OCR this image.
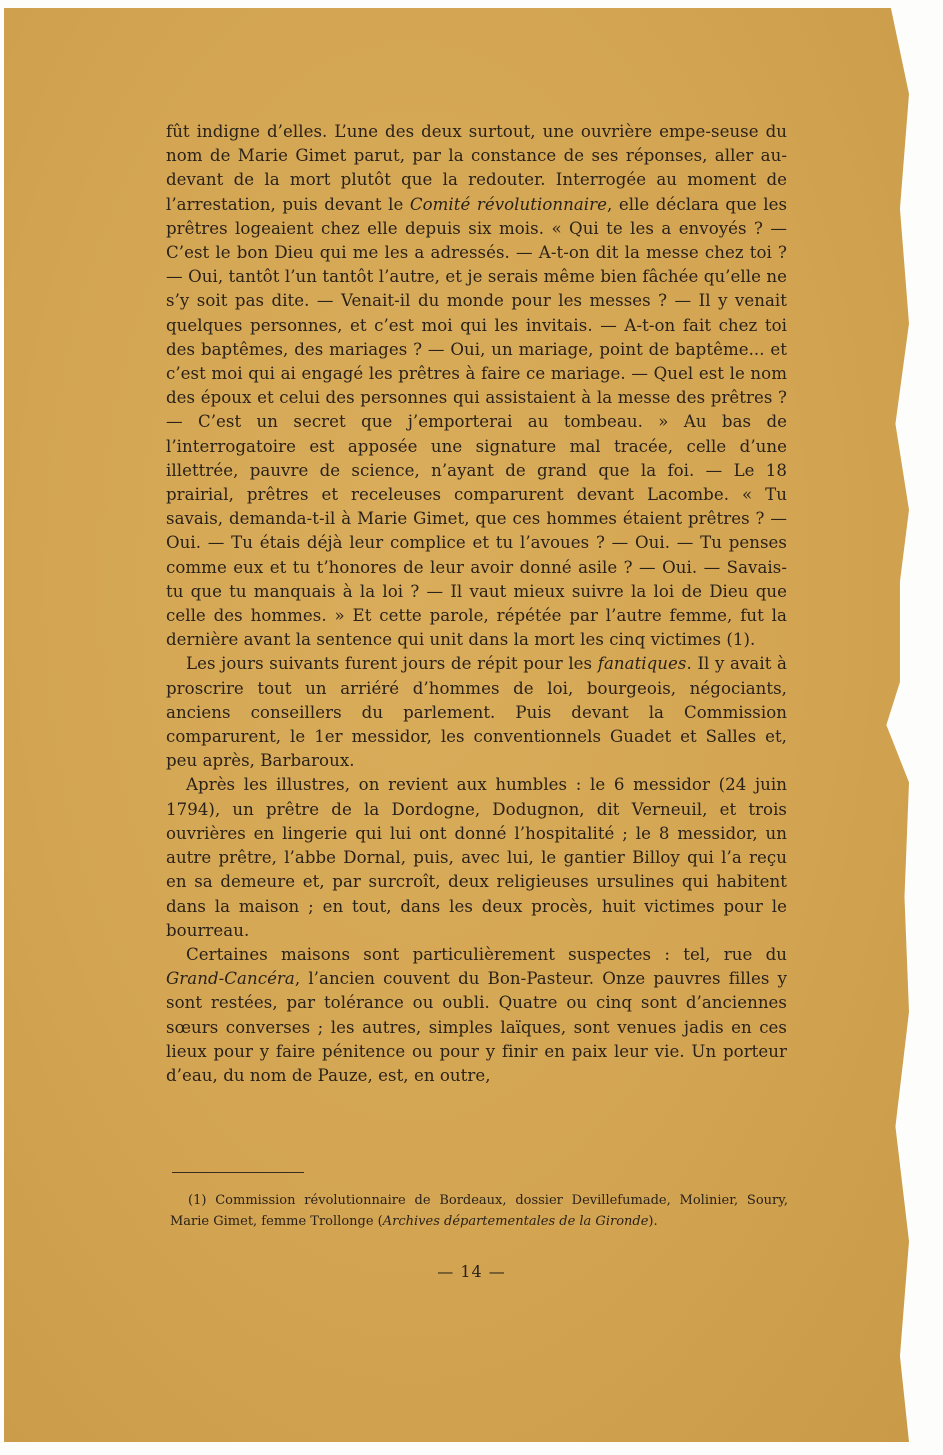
fût indigne d’elles. L’une des deux surtout, une ouvrière empe-seuse du nom de Marie Gimet parut, par la constance de ses réponses, aller au-devant de la mort plutôt que la redouter. Interrogée au moment de l’arrestation, puis devant le Comité révolutionnaire, elle déclara que les prêtres logeaient chez elle depuis six mois. « Qui te les a envoyés ? — C’est le bon Dieu qui me les a adressés. — A-t-on dit la messe chez toi ? — Oui, tantôt l’un tantôt l’autre, et je serais même bien fâchée qu’elle ne s’y soit pas dite. — Venait-il du monde pour les messes ? — Il y venait quelques personnes, et c’est moi qui les invitais. — A-t-on fait chez toi des baptêmes, des mariages ? — Oui, un mariage, point de baptême... et c’est moi qui ai engagé les prêtres à faire ce mariage. — Quel est le nom des époux et celui des personnes qui assistaient à la messe des prêtres ? — C’est un secret que j’emporterai au tombeau. » Au bas de l’interrogatoire est apposée une signature mal tracée, celle d’une illettrée, pauvre de science, n’ayant de grand que la foi. — Le 18 prairial, prêtres et receleuses comparurent devant Lacombe. « Tu savais, demanda-t-il à Marie Gimet, que ces hommes étaient prêtres ? — Oui. — Tu étais déjà leur complice et tu l’avoues ? — Oui. — Tu penses comme eux et tu t’honores de leur avoir donné asile ? — Oui. — Savais-tu que tu manquais à la loi ? — Il vaut mieux suivre la loi de Dieu que celle des hommes. » Et cette parole, répétée par l’autre femme, fut la dernière avant la sentence qui unit dans la mort les cinq victimes (1).

Les jours suivants furent jours de répit pour les fanatiques. Il y avait à proscrire tout un arriéré d’hommes de loi, bourgeois, négociants, anciens conseillers du parlement. Puis devant la Commission comparurent, le 1er messidor, les conventionnels Guadet et Salles et, peu après, Barbaroux.

Après les illustres, on revient aux humbles : le 6 messidor (24 juin 1794), un prêtre de la Dordogne, Dodugnon, dit Verneuil, et trois ouvrières en lingerie qui lui ont donné l’hospitalité ; le 8 messidor, un autre prêtre, l’abbe Dornal, puis, avec lui, le gantier Billoy qui l’a reçu en sa demeure et, par surcroît, deux religieuses ursulines qui habitent dans la maison ; en tout, dans les deux procès, huit victimes pour le bourreau.

Certaines maisons sont particulièrement suspectes : tel, rue du Grand-Cancéra, l’ancien couvent du Bon-Pasteur. Onze pauvres filles y sont restées, par tolérance ou oubli. Quatre ou cinq sont d’anciennes sœurs converses ; les autres, simples laïques, sont venues jadis en ces lieux pour y faire pénitence ou pour y finir en paix leur vie. Un porteur d’eau, du nom de Pauze, est, en outre,

(1) Commission révolutionnaire de Bordeaux, dossier Devillefumade, Molinier, Soury, Marie Gimet, femme Trollonge (Archives départementales de la Gironde).
— 14 —
